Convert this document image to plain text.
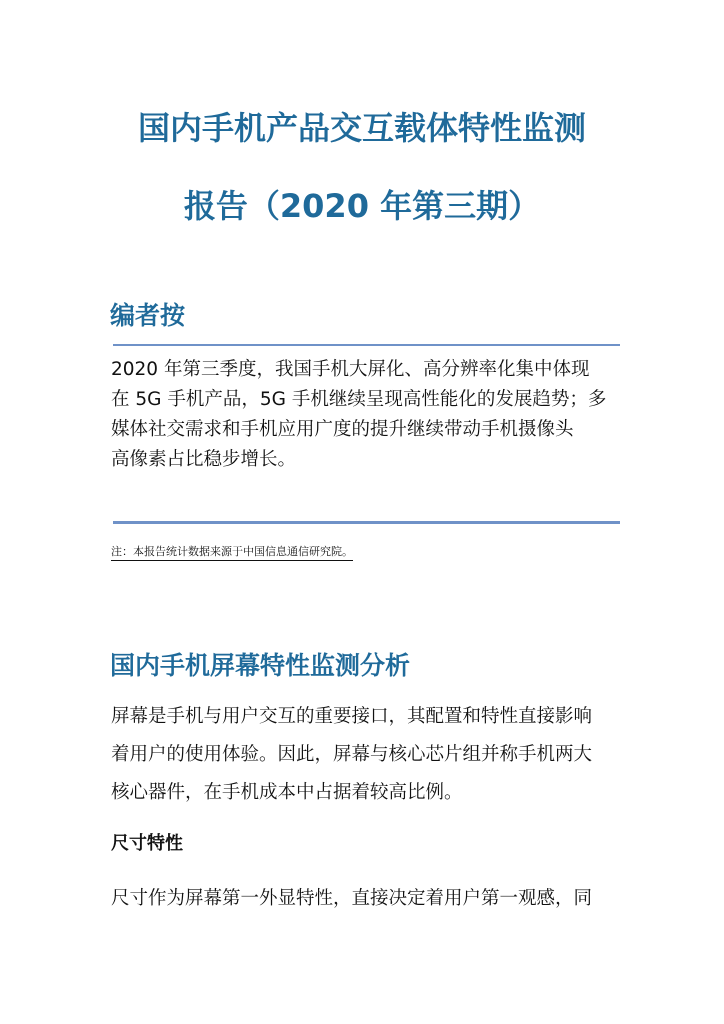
国内手机产品交互载体特性监测
报告（2020 年第三期）
编者按
2020 年第三季度，我国手机大屏化、高分辨率化集中体现
在 5G 手机产品，5G 手机继续呈现高性能化的发展趋势；多
媒体社交需求和手机应用广度的提升继续带动手机摄像头
高像素占比稳步增长。
注：本报告统计数据来源于中国信息通信研究院。
国内手机屏幕特性监测分析
屏幕是手机与用户交互的重要接口，其配置和特性直接影响
着用户的使用体验。因此，屏幕与核心芯片组并称手机两大
核心器件，在手机成本中占据着较高比例。
尺寸特性
尺寸作为屏幕第一外显特性，直接决定着用户第一观感，同
